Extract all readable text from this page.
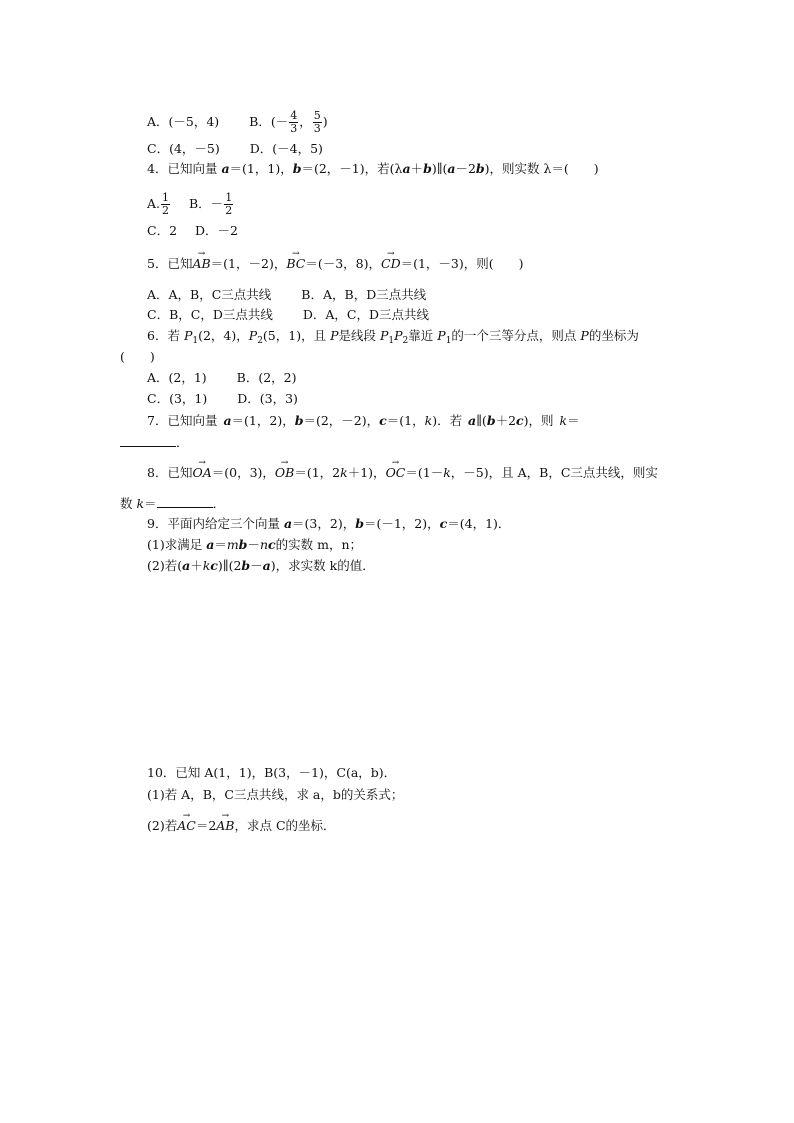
A．(－5，4) B．(－ $\frac{4}{3}$ ， $\frac{5}{3}$ )
C．(4，－5) D．(－4，5)
4．已知向量 a＝(1，1)，b＝(2，－1)，若(λa＋b)∥(a－2b)，则实数 λ＝(　　)
A. $\frac{1}{2}$ B．－ $\frac{1}{2}$
C．2 D．－2
5．已知→ AB＝(1，－2)，→ BC＝(－3，8)，→ CD＝(1，－3)，则(　　)
A．A，B，C三点共线 B．A，B，D三点共线
C．B，C，D三点共线 D．A，C，D三点共线
6．若 $P_1(2$，4)，$P_2(5$，1)，且 P是线段 $P_1P_2$靠近 $P_1$的一个三等分点，则点 P的坐标为
(　　)
A．(2，1) B．(2，2)
C．(3，1) D．(3，3)
7．已知向量 a＝(1，2)，b＝(2，－2)，c＝(1，k)．若 a∥(b＋2c)，则 k＝
．
8．已知→ OA＝(0，3)，→ OB＝(1，2k＋1)，→ OC＝(1－k，－5)，且 A，B，C三点共线，则实
数 k＝	．
9．平面内给定三个向量 a＝(3，2)，b＝(－1，2)，c＝(4，1)．
(1)求满足 a＝mb－nc的实数 m，n；
(2)若(a＋kc)∥(2b－a)，求实数 k的值．
10．已知 A(1，1)，B(3，－1)，C(a，b)．
(1)若 A，B，C三点共线，求 a，b的关系式；
(2)若→ AC＝2→ AB，求点 C的坐标．
